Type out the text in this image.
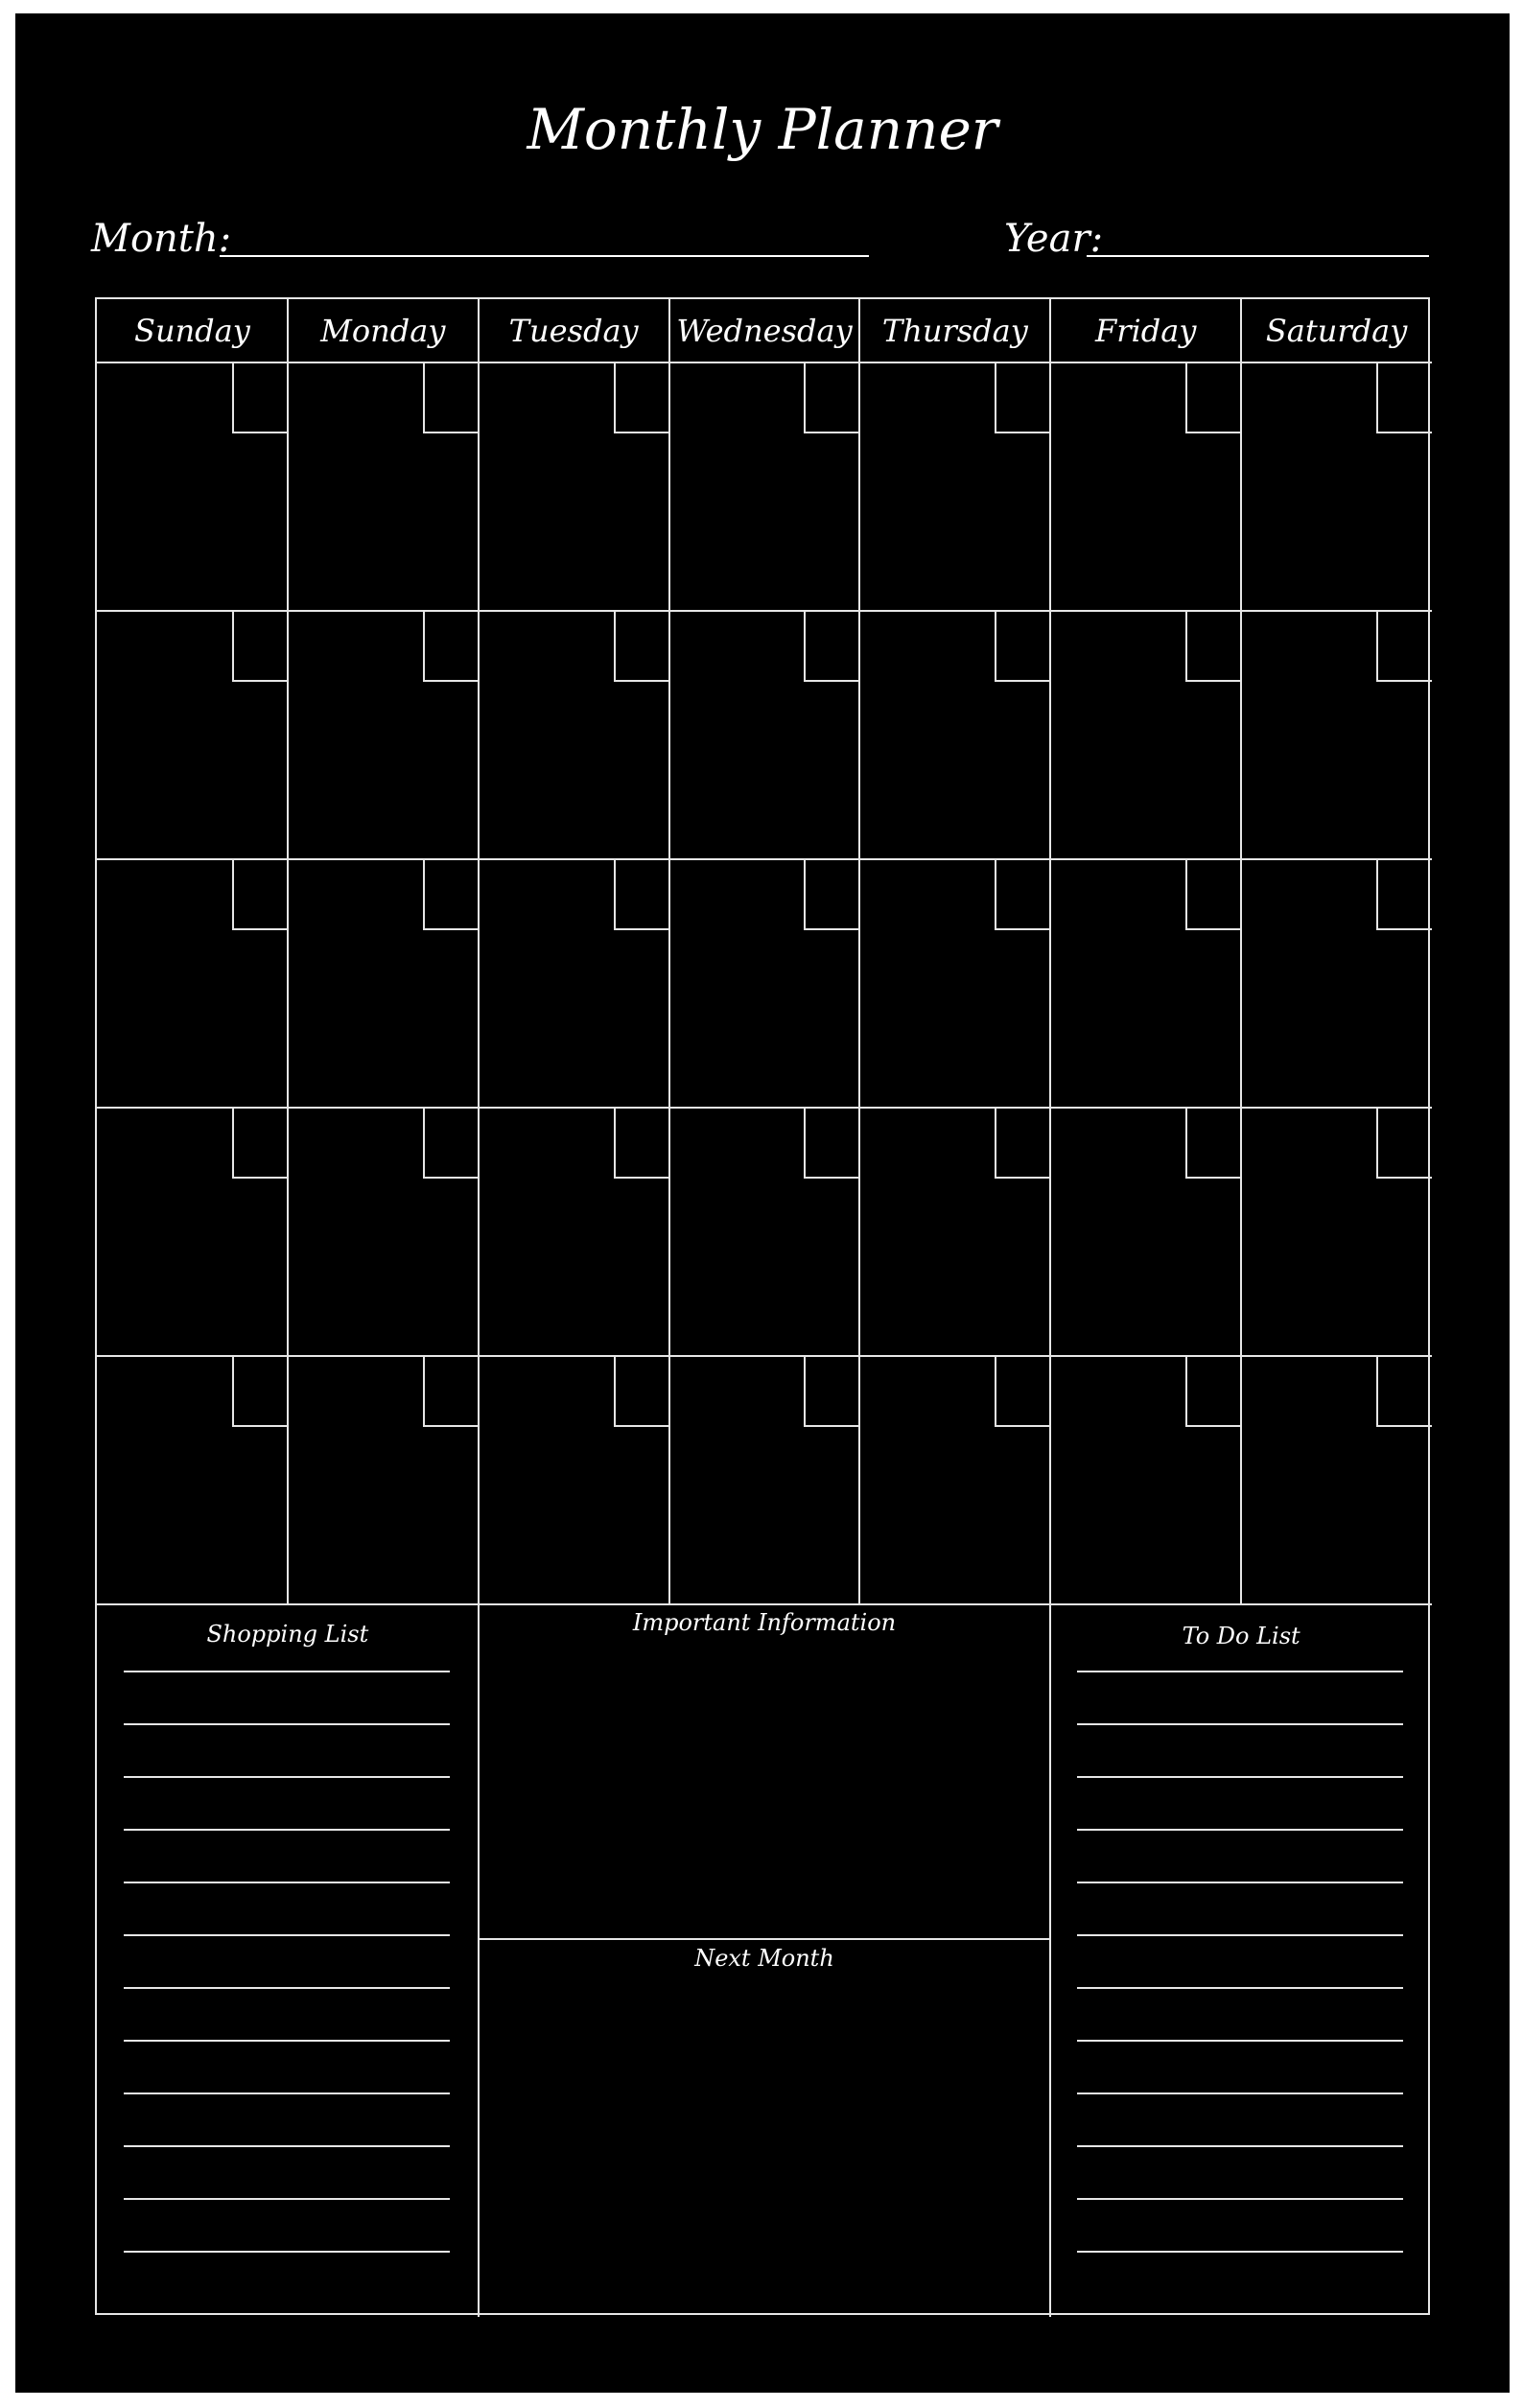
Monthly Planner
Month:	Year:
Sunday	Monday	Tuesday	Wednesday Thursday	Friday	Saturday
Shopping List	Important Information
Next Month
To Do List
